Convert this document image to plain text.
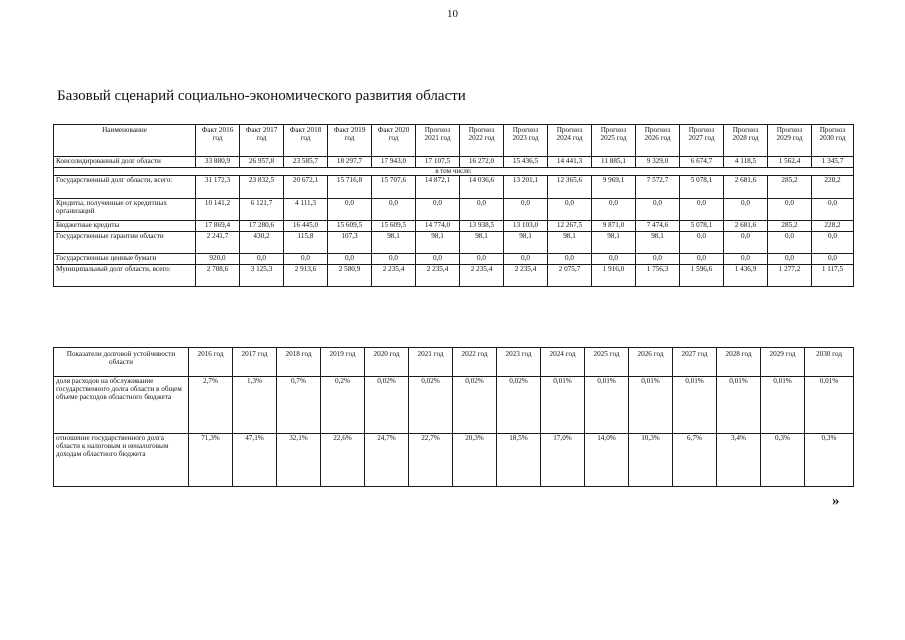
10
Базовый сценарий социально-экономического развития области
Наименование	Факт 2016 год	Факт 2017 год	Факт 2018 год	Факт 2019 год	Факт 2020 год	Прогноз 2021 год	Прогноз 2022 год	Прогноз 2023 год	Прогноз 2024 год	Прогноз 2025 год	Прогноз 2026 год	Прогноз 2027 год	Прогноз 2028 год	Прогноз 2029 год	Прогноз 2030 год
Консолидированный долг области	33 880,9	26 957,8	23 585,7	18 297,7	17 943,0	17 107,5	16 272,0	15 436,5	14 441,3	11 885,1	9 329,0	6 674,7	4 118,5	1 562,4	1 345,7
в том числе:															
Государственный долг области, всего:	31 172,3	23 832,5	20 672,1	15 716,8	15 707,6	14 872,1	14 036,6	13 201,1	12 365,6	9 969,1	7 572,7	5 078,1	2 681,6	285,2	228,2
Кредиты, полученные от кредитных организаций	10 141,2	6 121,7	4 111,3	0,0	0,0	0,0	0,0	0,0	0,0	0,0	0,0	0,0	0,0	0,0	0,0
Бюджетные кредиты	17 869,4	17 280,6	16 445,0	15 609,5	15 609,5	14 774,0	13 938,5	13 103,0	12 267,5	9 871,0	7 474,6	5 078,1	2 681,6	285,2	228,2
Государственные гарантии области	2 241,7	430,2	115,8	107,3	98,1	98,1	98,1	98,1	98,1	98,1	98,1	0,0	0,0	0,0	0,0
Государственные ценные бумаги	920,0	0,0	0,0	0,0	0,0	0,0	0,0	0,0	0,0	0,0	0,0	0,0	0,0	0,0	0,0
Муниципальный долг области, всего:	2 708,6	3 125,3	2 913,6	2 580,9	2 235,4	2 235,4	2 235,4	2 235,4	2 075,7	1 916,0	1 756,3	1 596,6	1 436,9	1 277,2	1 117,5
Показатели долговой устойчивости области	2016 год	2017 год	2018 год	2019 год	2020 год	2021 год	2022 год	2023 год	2024 год	2025 год	2026 год	2027 год	2028 год	2029 год	2030 год
доля расходов на обслуживание государственного долга области в общем объеме расходов областного бюджета	2,7%	1,3%	0,7%	0,2%	0,02%	0,02%	0,02%	0,02%	0,01%	0,01%	0,01%	0,01%	0,01%	0,01%	0,01%
отношение государственного долга области к налоговым и неналоговым доходам областного бюджета	71,3%	47,1%	32,1%	22,6%	24,7%	22,7%	20,3%	18,5%	17,0%	14,0%	10,3%	6,7%	3,4%	0,3%	0,3%
»
